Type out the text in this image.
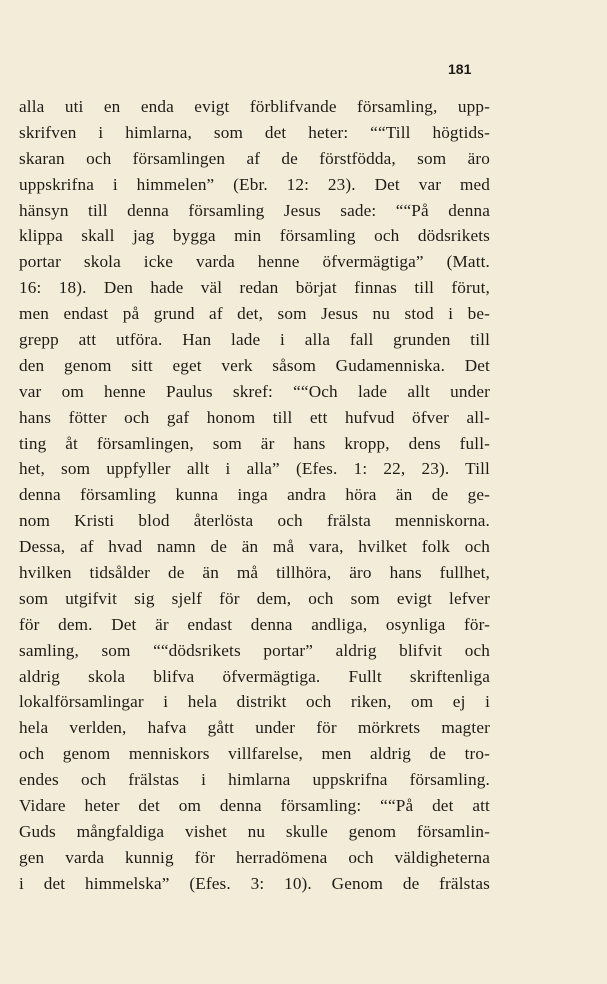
181
alla uti en enda evigt förblifvande församling, upp-
skrifven i himlarna, som det heter: ““Till högtids-
skaran och församlingen af de förstfödda, som äro
uppskrifna i himmelen” (Ebr. 12: 23). Det var med
hänsyn till denna församling Jesus sade: ““På denna
klippa skall jag bygga min församling och dödsrikets
portar skola icke varda henne öfvermägtiga” (Matt.
16: 18). Den hade väl redan börjat finnas till förut,
men endast på grund af det, som Jesus nu stod i be-
grepp att utföra. Han lade i alla fall grunden till
den genom sitt eget verk såsom Gudamenniska. Det
var om henne Paulus skref: ““Och lade allt under
hans fötter och gaf honom till ett hufvud öfver all-
ting åt församlingen, som är hans kropp, dens full-
het, som uppfyller allt i alla” (Efes. 1: 22, 23). Till
denna församling kunna inga andra höra än de ge-
nom Kristi blod återlösta och frälsta menniskorna.
Dessa, af hvad namn de än må vara, hvilket folk och
hvilken tidsålder de än må tillhöra, äro hans fullhet,
som utgifvit sig sjelf för dem, och som evigt lefver
för dem. Det är endast denna andliga, osynliga för-
samling, som ““dödsrikets portar” aldrig blifvit och
aldrig skola blifva öfvermägtiga. Fullt skriftenliga
lokalförsamlingar i hela distrikt och riken, om ej i
hela verlden, hafva gått under för mörkrets magter
och genom menniskors villfarelse, men aldrig de tro-
endes och frälstas i himlarna uppskrifna församling.
Vidare heter det om denna församling: ““På det att
Guds mångfaldiga vishet nu skulle genom församlin-
gen varda kunnig för herradömena och väldigheterna
i det himmelska” (Efes. 3: 10). Genom de frälstas
